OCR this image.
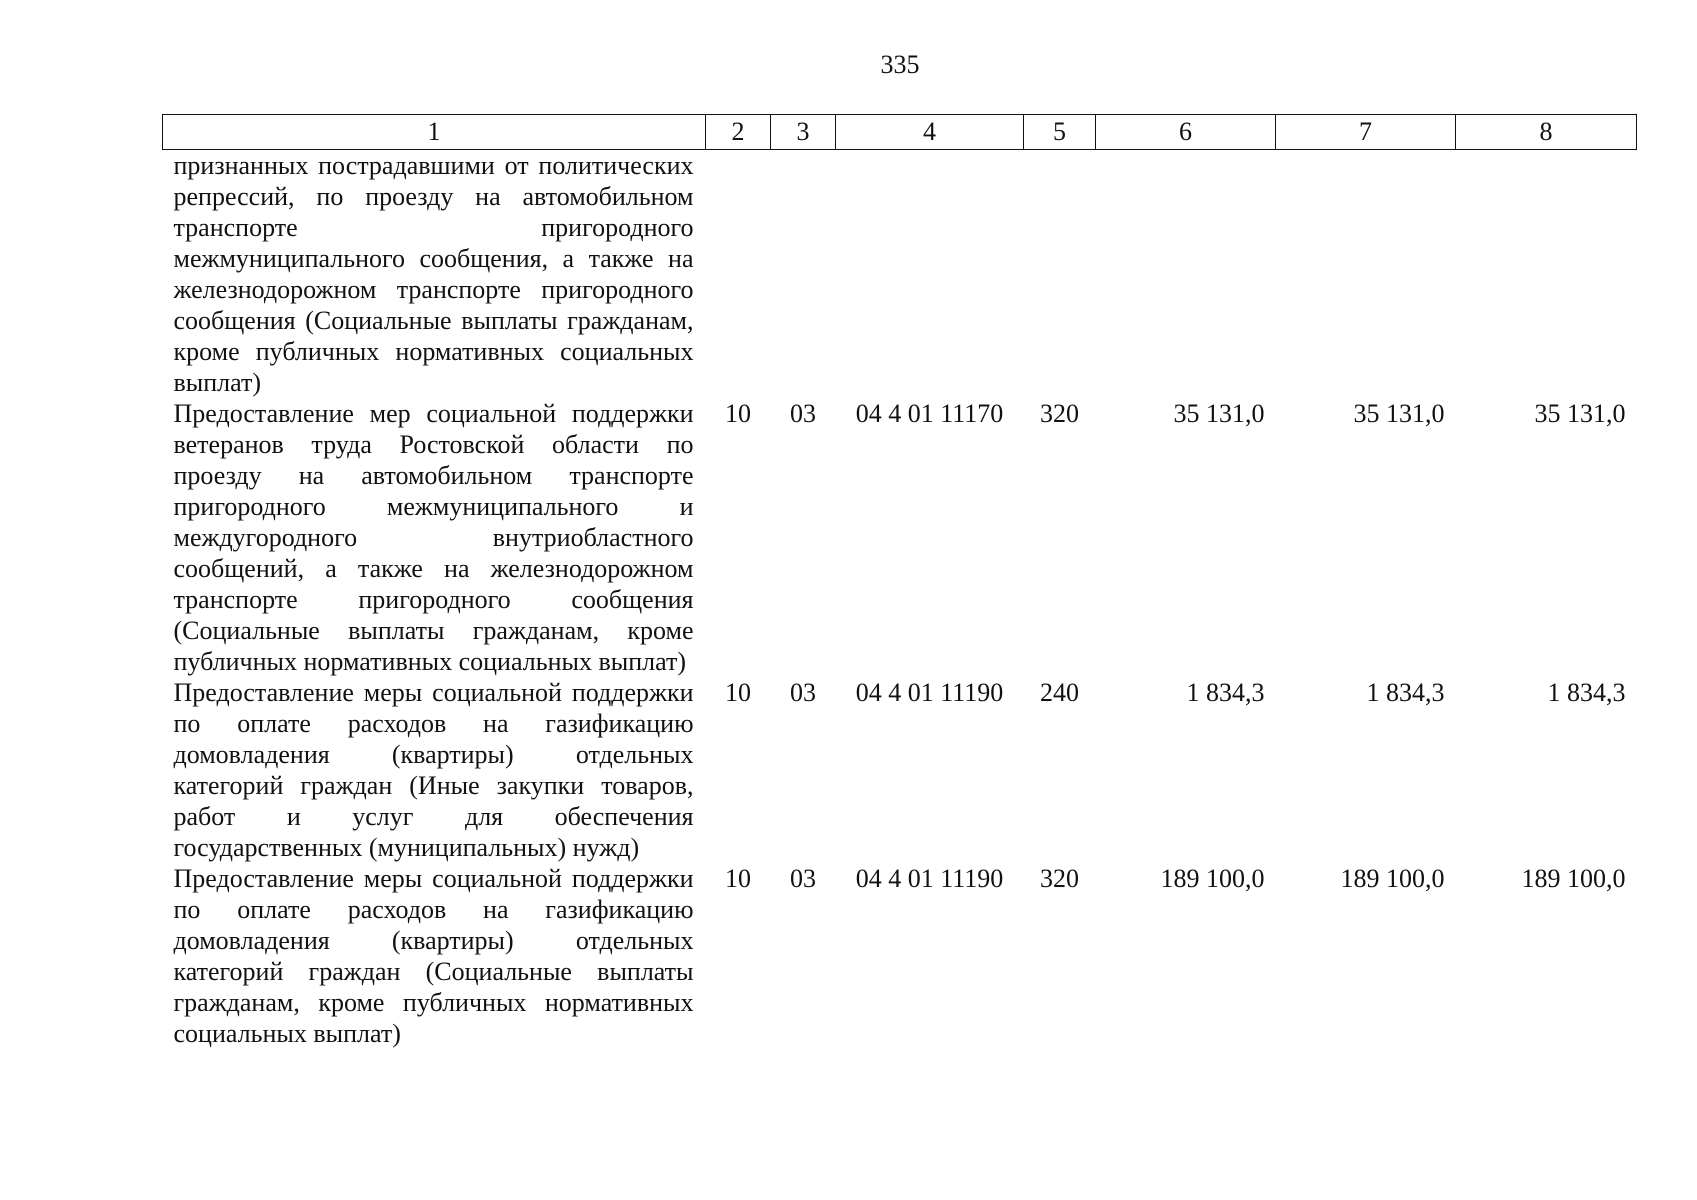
335
1	2	3	4	5	6	7	8
признанных пострадавшими от политических репрессий, по проезду на автомобильном транспорте пригородного межмуниципального сообщения, а также на железнодорожном транспорте пригородного сообщения (Социальные выплаты гражданам, кроме публичных нормативных социальных выплат)							
Предоставление мер социальной поддержки ветеранов труда Ростовской области по проезду на автомобильном транспорте пригородного межмуниципального и междугородного внутриобластного сообщений, а также на железнодорожном транспорте пригородного сообщения (Социальные выплаты гражданам, кроме публичных нормативных социальных выплат)	10	03	04 4 01 11170	320	35 131,0	35 131,0	35 131,0
Предоставление меры социальной поддержки по оплате расходов на газификацию домовладения (квартиры) отдельных категорий граждан (Иные закупки товаров, работ и услуг для обеспечения государственных (муниципальных) нужд)	10	03	04 4 01 11190	240	1 834,3	1 834,3	1 834,3
Предоставление меры социальной поддержки по оплате расходов на газификацию домовладения (квартиры) отдельных категорий граждан (Социальные выплаты гражданам, кроме публичных нормативных социальных выплат)	10	03	04 4 01 11190	320	189 100,0	189 100,0	189 100,0
